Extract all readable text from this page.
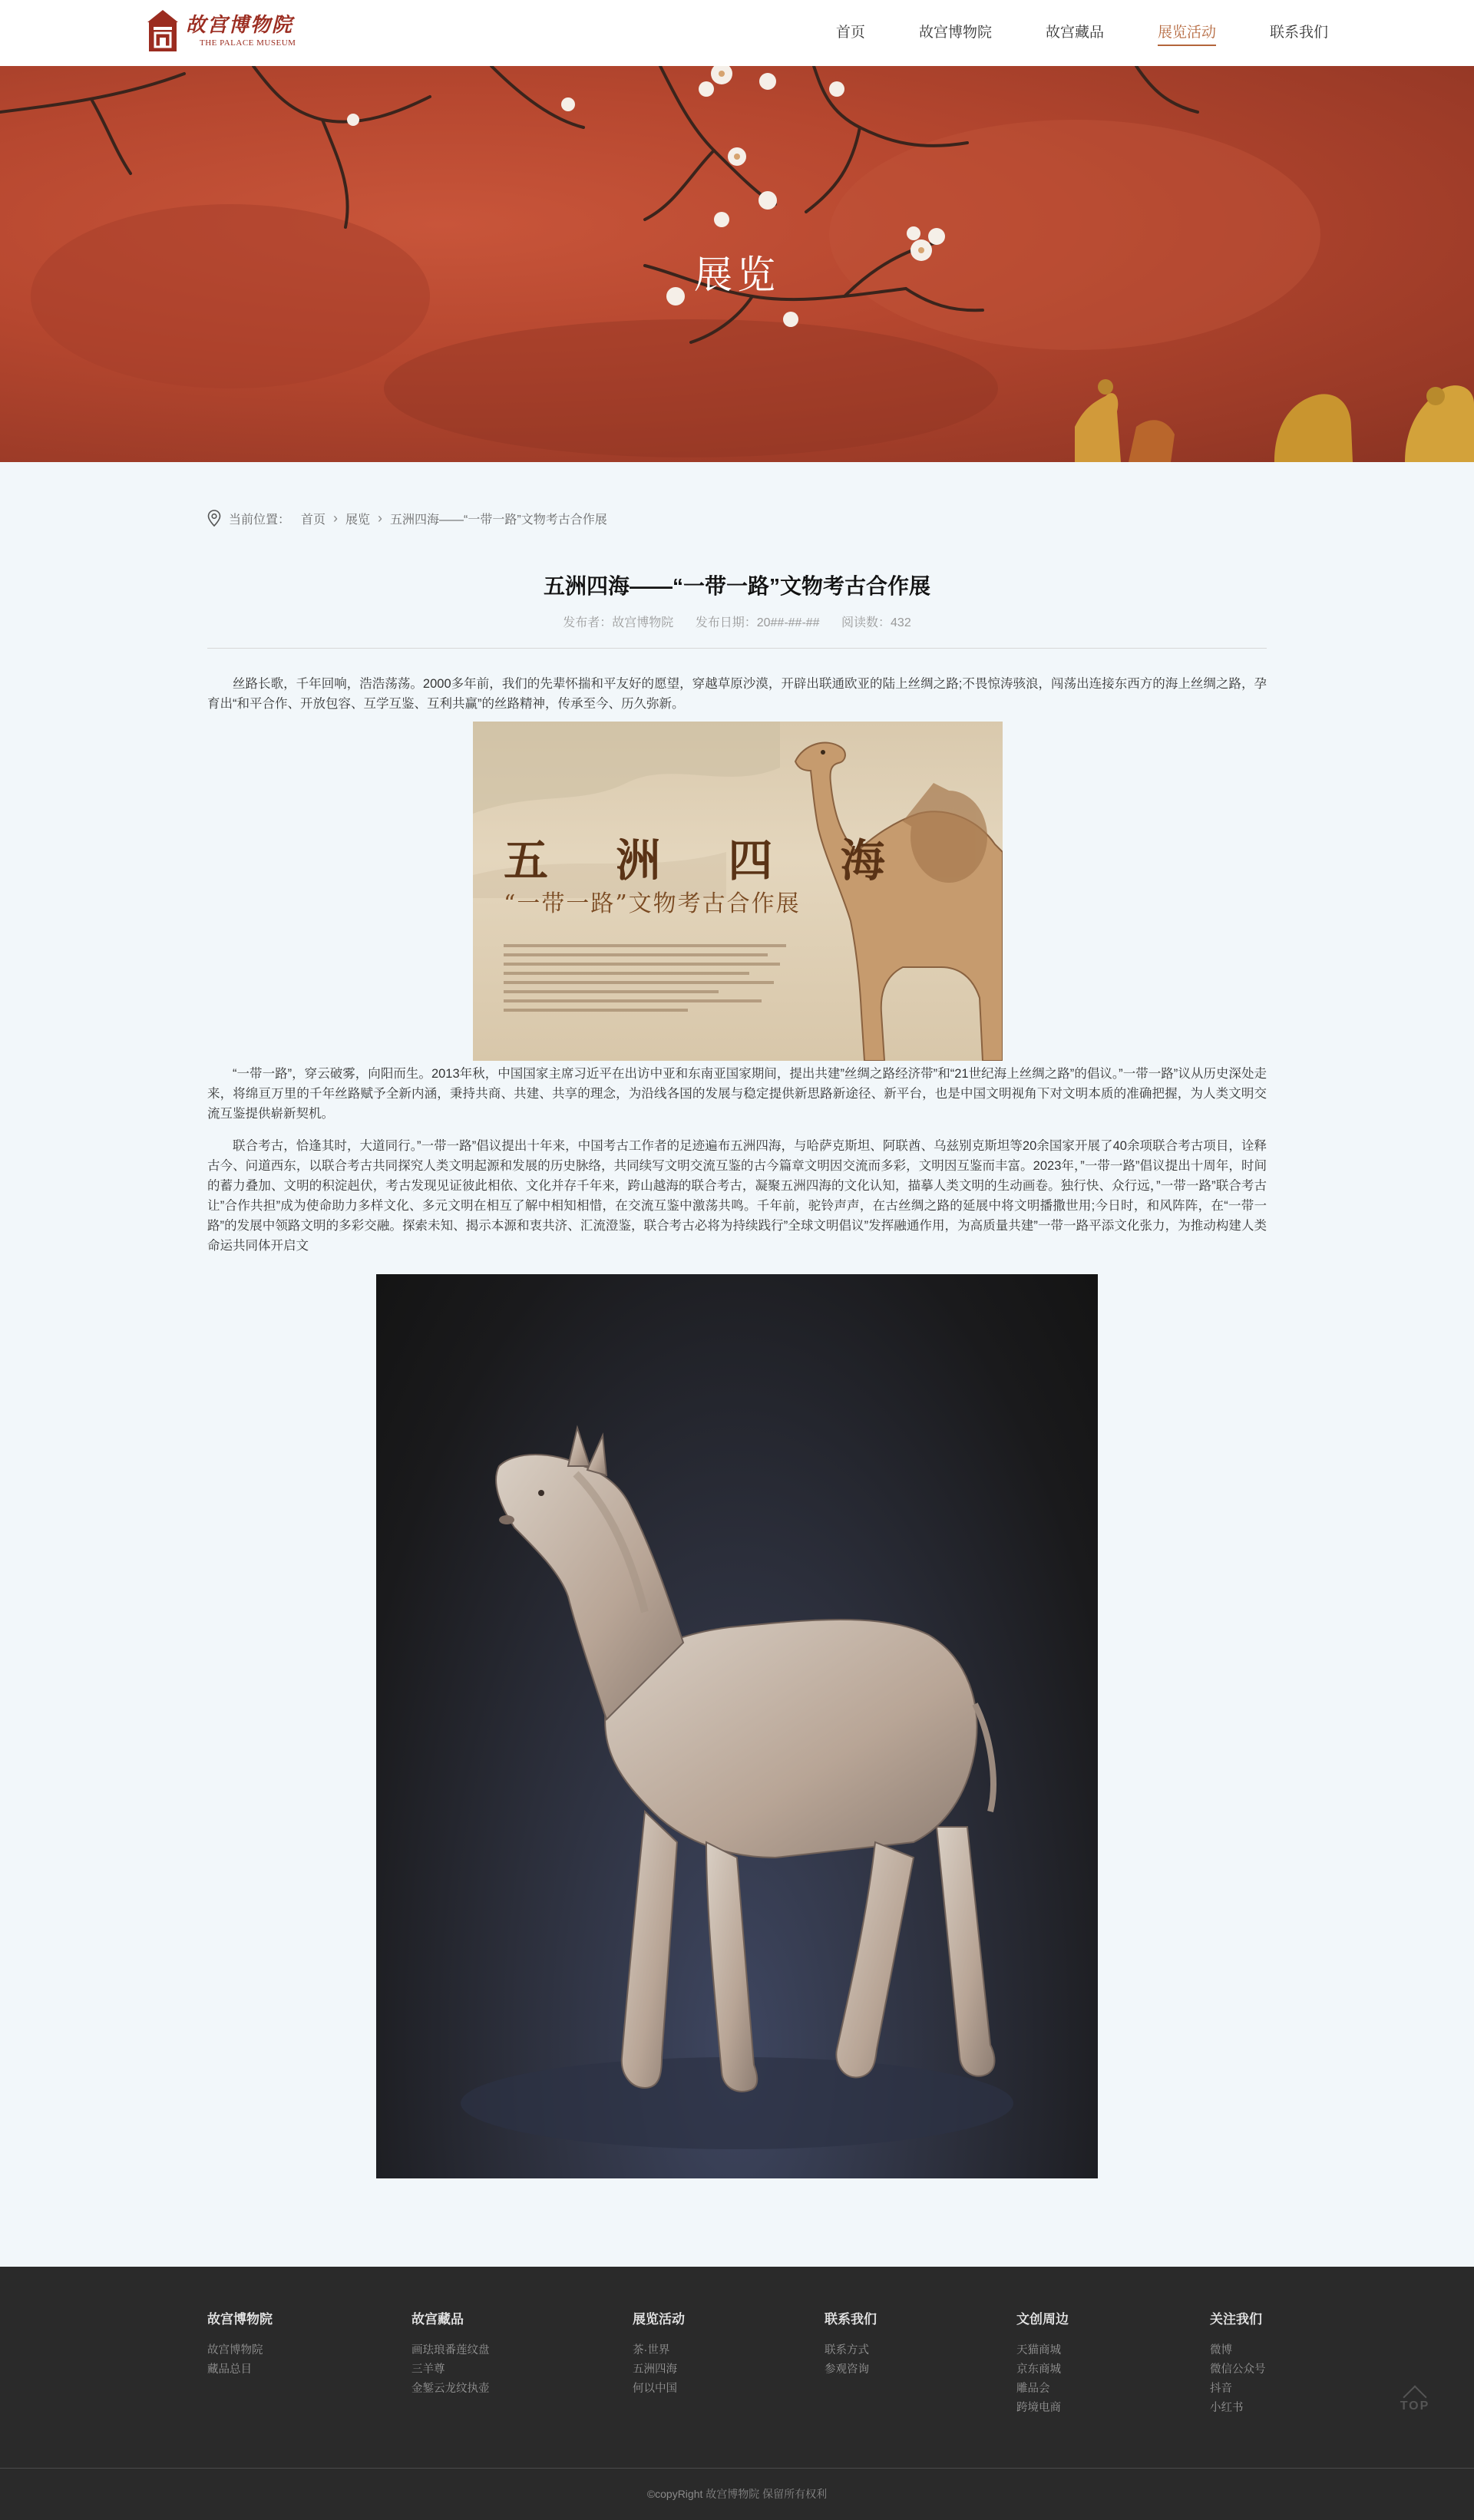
故宫博物院
THE PALACE MUSEUM
首页	故宫博物院	故宫藏品	展览活动	联系我们
展览
当前位置： 首页 › 展览 › 五洲四海——“一带一路”文物考古合作展
五洲四海——“一带一路”文物考古合作展
发布者：故宫博物院 发布日期：20##-##-## 阅读数：432

丝路长歌，千年回响，浩浩荡荡。2000多年前，我们的先辈怀揣和平友好的愿望，穿越草原沙漠，开辟出联通欧亚的陆上丝绸之路;不畏惊涛骇浪，闯荡出连接东西方的海上丝绸之路，孕育出“和平合作、开放包容、互学互鉴、互利共赢”的丝路精神，传承至今、历久弥新。

五 洲 四 海
“一带一路”文物考古合作展

“一带一路”，穿云破雾，向阳而生。2013年秋，中国国家主席习近平在出访中亚和东南亚国家期间，提出共建”丝绸之路经济带”和“21世纪海上丝绸之路”的倡议。”一带一路”议从历史深处走来，将绵亘万里的千年丝路赋予全新内涵，秉持共商、共建、共享的理念，为沿线各国的发展与稳定提供新思路新途径、新平台，也是中国文明视角下对文明本质的准确把握，为人类文明交流互鉴提供崭新契机。

联合考古，恰逢其时，大道同行。”一带一路”倡议提出十年来，中国考古工作者的足迹遍布五洲四海，与哈萨克斯坦、阿联酋、乌兹别克斯坦等20余国家开展了40余项联合考古项目，诠释古今、问道西东，以联合考古共同探究人类文明起源和发展的历史脉络，共同续写文明交流互鉴的古今篇章文明因交流而多彩，文明因互鉴而丰富。2023年，”一带一路”倡议提出十周年，时间的蓄力叠加、文明的积淀赳伏，考古发现见证彼此相依、文化并存千年来，跨山越海的联合考古，凝聚五洲四海的文化认知，描摹人类文明的生动画卷。独行快、众行远，”一带一路”联合考古让”合作共担”成为使命助力多样文化、多元文明在相互了解中相知相惜，在交流互鉴中激荡共鸣。千年前，驼铃声声，在古丝绸之路的延展中将文明播撒世用;今日时，和风阵阵，在“一带一路”的发展中领路文明的多彩交融。探索未知、揭示本源和衷共济、汇流澄鉴，联合考古必将为持续践行”全球文明倡议”发挥融通作用，为高质量共建”一带一路平添文化张力，为推动构建人类命运共同体开启文

故宫博物院
故宫博物院
藏品总目
故宫藏品
画珐琅番莲纹盘
三羊尊
金錾云龙纹执壶
展览活动
茶·世界
五洲四海
何以中国
联系我们
联系方式
参观咨询
文创周边
天猫商城
京东商城
雕品会
跨境电商
关注我们
微博
微信公众号
抖音
小红书
©copyRight 故宫博物院 保留所有权利
TOP
